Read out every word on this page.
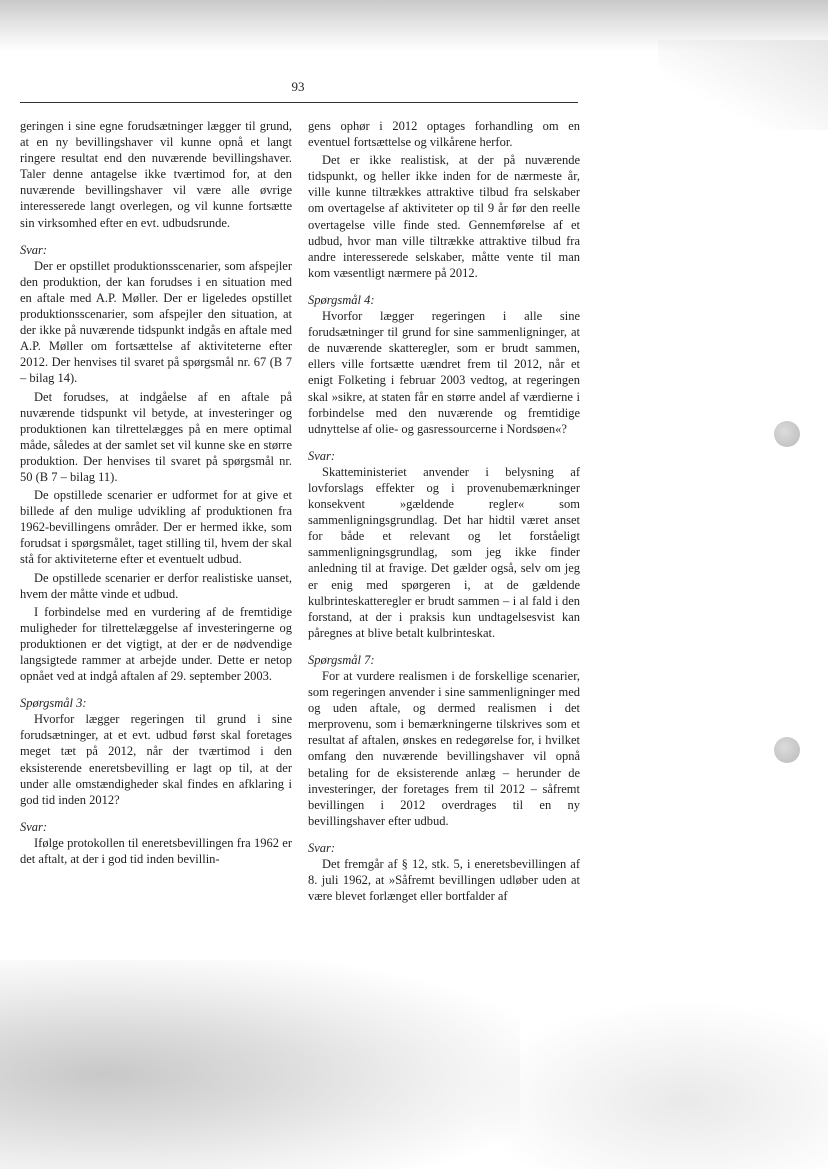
93

geringen i sine egne forudsætninger lægger til grund, at en ny bevillingshaver vil kunne opnå et langt ringere resultat end den nuværende bevillingshaver. Taler denne antagelse ikke tværtimod for, at den nuværende bevillingshaver vil være alle øvrige interesserede langt overlegen, og vil kunne fortsætte sin virksomhed efter en evt. udbudsrunde.

Svar:

Der er opstillet produktionsscenarier, som afspejler den produktion, der kan forudses i en situation med en aftale med A.P. Møller. Der er ligeledes opstillet produktionsscenarier, som afspejler den situation, at der ikke på nuværende tidspunkt indgås en aftale med A.P. Møller om fortsættelse af aktiviteterne efter 2012. Der henvises til svaret på spørgsmål nr. 67 (B 7 – bilag 14).

Det forudses, at indgåelse af en aftale på nuværende tidspunkt vil betyde, at investeringer og produktionen kan tilrettelægges på en mere optimal måde, således at der samlet set vil kunne ske en større produktion. Der henvises til svaret på spørgsmål nr. 50 (B 7 – bilag 11).

De opstillede scenarier er udformet for at give et billede af den mulige udvikling af produktionen fra 1962-bevillingens områder. Der er hermed ikke, som forudsat i spørgsmålet, taget stilling til, hvem der skal stå for aktiviteterne efter et eventuelt udbud.

De opstillede scenarier er derfor realistiske uanset, hvem der måtte vinde et udbud.

I forbindelse med en vurdering af de fremtidige muligheder for tilrettelæggelse af investeringerne og produktionen er det vigtigt, at der er de nødvendige langsigtede rammer at arbejde under. Dette er netop opnået ved at indgå aftalen af 29. september 2003.

Spørgsmål 3:

Hvorfor lægger regeringen til grund i sine forudsætninger, at et evt. udbud først skal foretages meget tæt på 2012, når der tværtimod i den eksisterende eneretsbevilling er lagt op til, at der under alle omstændigheder skal findes en afklaring i god tid inden 2012?

Svar:

Ifølge protokollen til eneretsbevillingen fra 1962 er det aftalt, at der i god tid inden bevillin-

gens ophør i 2012 optages forhandling om en eventuel fortsættelse og vilkårene herfor.

Det er ikke realistisk, at der på nuværende tidspunkt, og heller ikke inden for de nærmeste år, ville kunne tiltrækkes attraktive tilbud fra selskaber om overtagelse af aktiviteter op til 9 år før den reelle overtagelse ville finde sted. Gennemførelse af et udbud, hvor man ville tiltrække attraktive tilbud fra andre interesserede selskaber, måtte vente til man kom væsentligt nærmere på 2012.

Spørgsmål 4:

Hvorfor lægger regeringen i alle sine forudsætninger til grund for sine sammenligninger, at de nuværende skatteregler, som er brudt sammen, ellers ville fortsætte uændret frem til 2012, når et enigt Folketing i februar 2003 vedtog, at regeringen skal »sikre, at staten får en større andel af værdierne i forbindelse med den nuværende og fremtidige udnyttelse af olie- og gasressourcerne i Nordsøen«?

Svar:

Skatteministeriet anvender i belysning af lovforslags effekter og i provenubemærkninger konsekvent »gældende regler« som sammenligningsgrundlag. Det har hidtil været anset for både et relevant og let forståeligt sammenligningsgrundlag, som jeg ikke finder anledning til at fravige. Det gælder også, selv om jeg er enig med spørgeren i, at de gældende kulbrinteskatteregler er brudt sammen – i al fald i den forstand, at der i praksis kun undtagelsesvist kan påregnes at blive betalt kulbrinteskat.

Spørgsmål 7:

For at vurdere realismen i de forskellige scenarier, som regeringen anvender i sine sammenligninger med og uden aftale, og dermed realismen i det merprovenu, som i bemærkningerne tilskrives som et resultat af aftalen, ønskes en redegørelse for, i hvilket omfang den nuværende bevillingshaver vil opnå betaling for de eksisterende anlæg – herunder de investeringer, der foretages frem til 2012 – såfremt bevillingen i 2012 overdrages til en ny bevillingshaver efter udbud.

Svar:

Det fremgår af § 12, stk. 5, i eneretsbevillingen af 8. juli 1962, at »Såfremt bevillingen udløber uden at være blevet forlænget eller bortfalder af
